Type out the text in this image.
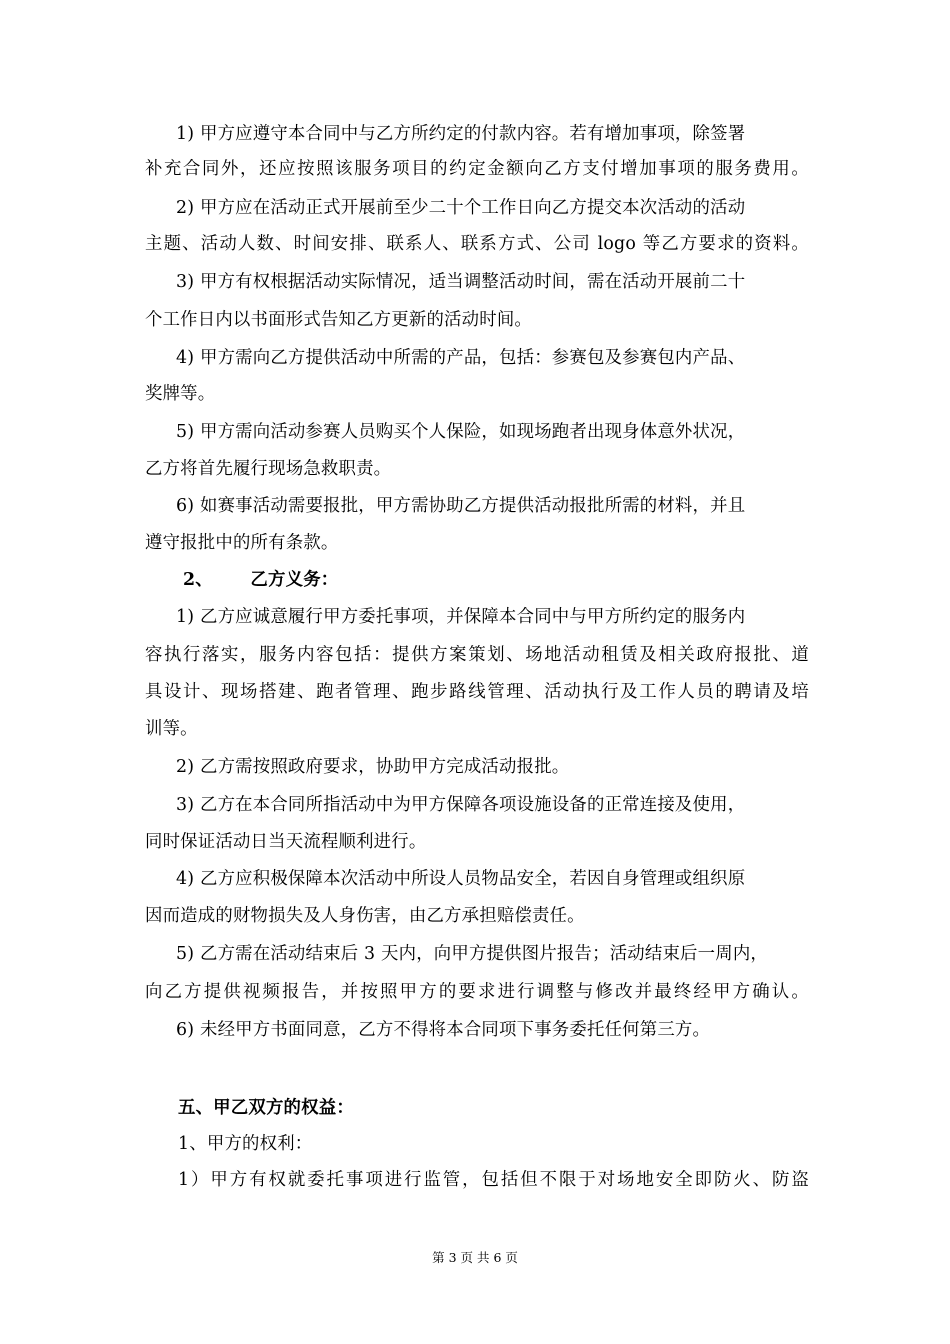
1) 甲方应遵守本合同中与乙方所约定的付款内容。若有增加事项，除签署
补充合同外，还应按照该服务项目的约定金额向乙方支付增加事项的服务费用。
2) 甲方应在活动正式开展前至少二十个工作日向乙方提交本次活动的活动
主题、活动人数、时间安排、联系人、联系方式、公司 logo 等乙方要求的资料。
3) 甲方有权根据活动实际情况，适当调整活动时间，需在活动开展前二十
个工作日内以书面形式告知乙方更新的活动时间。
4) 甲方需向乙方提供活动中所需的产品，包括：参赛包及参赛包内产品、
奖牌等。
5) 甲方需向活动参赛人员购买个人保险，如现场跑者出现身体意外状况，
乙方将首先履行现场急救职责。
6) 如赛事活动需要报批，甲方需协助乙方提供活动报批所需的材料，并且
遵守报批中的所有条款。
2、      乙方义务：
1) 乙方应诚意履行甲方委托事项，并保障本合同中与甲方所约定的服务内
容执行落实，服务内容包括：提供方案策划、场地活动租赁及相关政府报批、道
具设计、现场搭建、跑者管理、跑步路线管理、活动执行及工作人员的聘请及培
训等。
2) 乙方需按照政府要求，协助甲方完成活动报批。
3) 乙方在本合同所指活动中为甲方保障各项设施设备的正常连接及使用，
同时保证活动日当天流程顺利进行。
4) 乙方应积极保障本次活动中所设人员物品安全，若因自身管理或组织原
因而造成的财物损失及人身伤害，由乙方承担赔偿责任。
5) 乙方需在活动结束后 3 天内，向甲方提供图片报告；活动结束后一周内，
向乙方提供视频报告，并按照甲方的要求进行调整与修改并最终经甲方确认。
6) 未经甲方书面同意，乙方不得将本合同项下事务委托任何第三方。
五、甲乙双方的权益：
1、甲方的权利：
1）甲方有权就委托事项进行监管，包括但不限于对场地安全即防火、防盗
第 3 页 共 6 页
